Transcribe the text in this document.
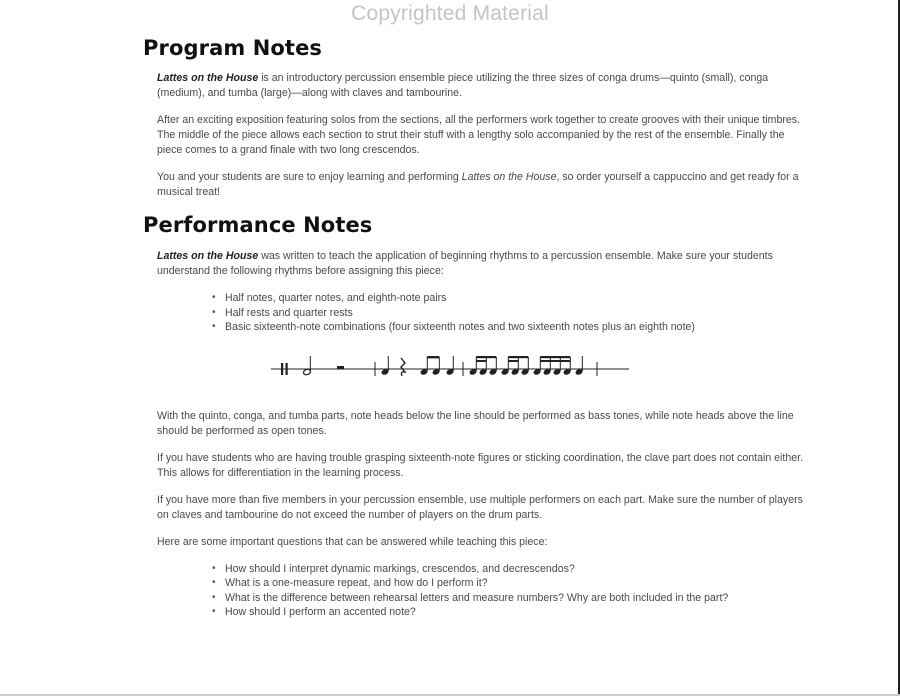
Copyrighted Material
Program Notes

Lattes on the House is an introductory percussion ensemble piece utilizing the three sizes of conga drums—quinto (small), conga (medium), and tumba (large)—along with claves and tambourine.

After an exciting exposition featuring solos from the sections, all the performers work together to create grooves with their unique timbres. The middle of the piece allows each section to strut their stuff with a lengthy solo accompanied by the rest of the ensemble. Finally the piece comes to a grand finale with two long crescendos.

You and your students are sure to enjoy learning and performing Lattes on the House, so order yourself a cappuccino and get ready for a musical treat!

Performance Notes

Lattes on the House was written to teach the application of beginning rhythms to a percussion ensemble. Make sure your students understand the following rhythms before assigning this piece:

• Half notes, quarter notes, and eighth-note pairs
• Half rests and quarter rests
• Basic sixteenth-note combinations (four sixteenth notes and two sixteenth notes plus an eighth note)

With the quinto, conga, and tumba parts, note heads below the line should be performed as bass tones, while note heads above the line should be performed as open tones.

If you have students who are having trouble grasping sixteenth-note figures or sticking coordination, the clave part does not contain either. This allows for differentiation in the learning process.

If you have more than five members in your percussion ensemble, use multiple performers on each part. Make sure the number of players on claves and tambourine do not exceed the number of players on the drum parts.

Here are some important questions that can be answered while teaching this piece:

• How should I interpret dynamic markings, crescendos, and decrescendos?
• What is a one-measure repeat, and how do I perform it?
• What is the difference between rehearsal letters and measure numbers? Why are both included in the part?
• How should I perform an accented note?
